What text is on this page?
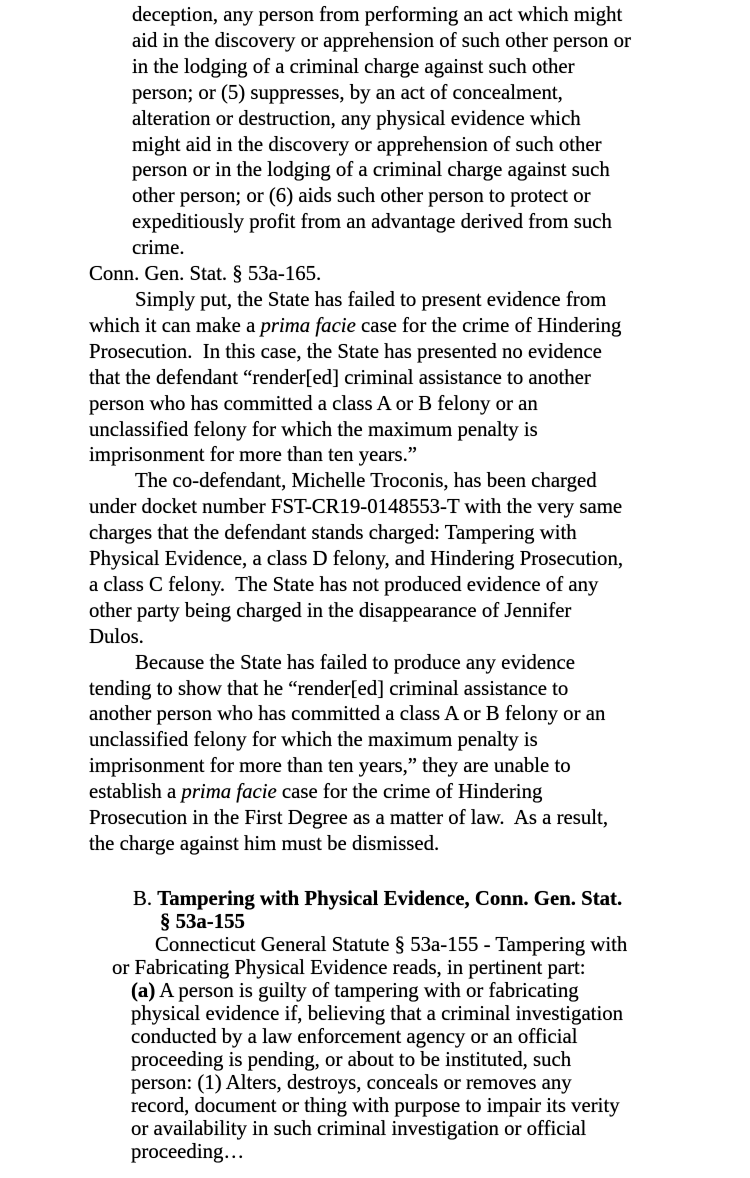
deception, any person from performing an act which might
aid in the discovery or apprehension of such other person or
in the lodging of a criminal charge against such other
person; or (5) suppresses, by an act of concealment,
alteration or destruction, any physical evidence which
might aid in the discovery or apprehension of such other
person or in the lodging of a criminal charge against such
other person; or (6) aids such other person to protect or
expeditiously profit from an advantage derived from such
crime.
Conn. Gen. Stat. § 53a-165.
Simply put, the State has failed to present evidence from
which it can make a prima facie case for the crime of Hindering
Prosecution.  In this case, the State has presented no evidence
that the defendant “render[ed] criminal assistance to another
person who has committed a class A or B felony or an
unclassified felony for which the maximum penalty is
imprisonment for more than ten years.”
The co-defendant, Michelle Troconis, has been charged
under docket number FST-CR19-0148553-T with the very same
charges that the defendant stands charged: Tampering with
Physical Evidence, a class D felony, and Hindering Prosecution,
a class C felony.  The State has not produced evidence of any
other party being charged in the disappearance of Jennifer
Dulos.
Because the State has failed to produce any evidence
tending to show that he “render[ed] criminal assistance to
another person who has committed a class A or B felony or an
unclassified felony for which the maximum penalty is
imprisonment for more than ten years,” they are unable to
establish a prima facie case for the crime of Hindering
Prosecution in the First Degree as a matter of law.  As a result,
the charge against him must be dismissed.
B. Tampering with Physical Evidence, Conn. Gen. Stat.
§ 53a-155
Connecticut General Statute § 53a-155 - Tampering with
or Fabricating Physical Evidence reads, in pertinent part:
(a) A person is guilty of tampering with or fabricating
physical evidence if, believing that a criminal investigation
conducted by a law enforcement agency or an official
proceeding is pending, or about to be instituted, such
person: (1) Alters, destroys, conceals or removes any
record, document or thing with purpose to impair its verity
or availability in such criminal investigation or official
proceeding…
